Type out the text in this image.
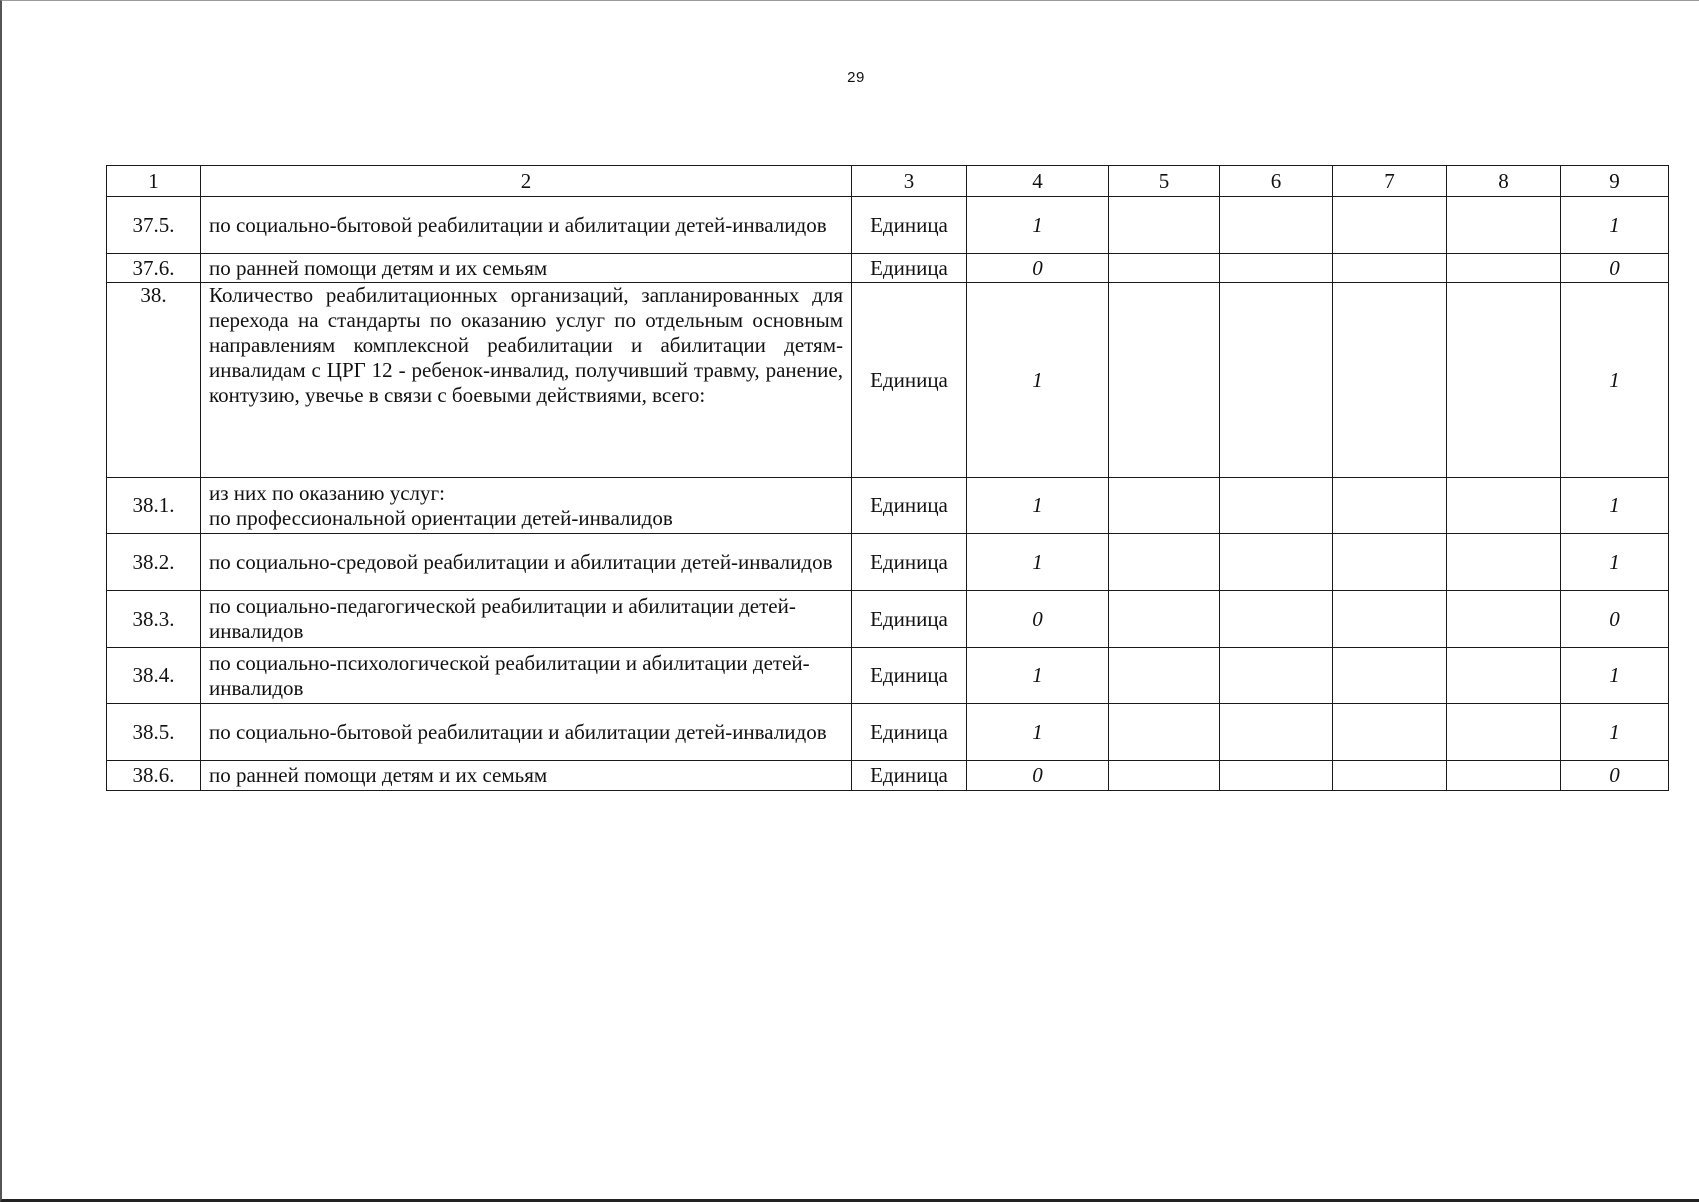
29
1	2	3	4	5	6	7	8	9
37.5.	по социально-бытовой реабилитации и абилитации детей-инвалидов	Единица	1					1
37.6.	по ранней помощи детям и их семьям	Единица	0					0
38.	Количество реабилитационных организаций, запланированных для перехода на стандарты по оказанию услуг по отдельным основным направлениям комплексной реабилитации и абилитации детям-инвалидам с ЦРГ 12 - ребенок-инвалид, получивший травму, ранение, контузию, увечье в связи с боевыми действиями, всего:	Единица	1					1
38.1.	из них по оказанию услуг:
по профессиональной ориентации детей-инвалидов	Единица	1					1
38.2.	по социально-средовой реабилитации и абилитации детей-инвалидов	Единица	1					1
38.3.	по социально-педагогической реабилитации и абилитации детей-инвалидов	Единица	0					0
38.4.	по социально-психологической реабилитации и абилитации детей-инвалидов	Единица	1					1
38.5.	по социально-бытовой реабилитации и абилитации детей-инвалидов	Единица	1					1
38.6.	по ранней помощи детям и их семьям	Единица	0					0
